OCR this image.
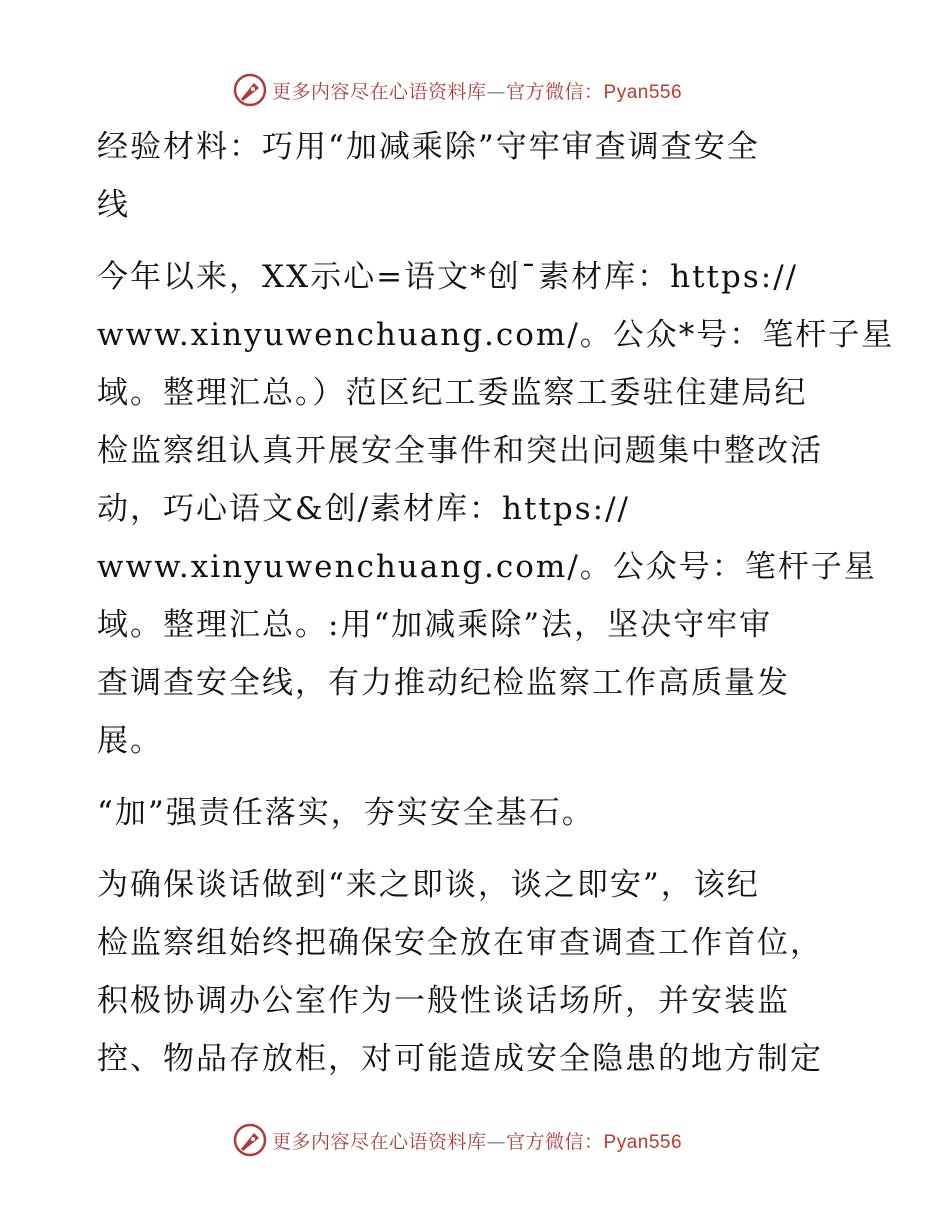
更多内容尽在心语资料库—官方微信：Pyan556
经验材料：巧用“加减乘除”守牢审查调查安全
线
今年以来，XX示心=语文*创¯素材库：https://
www.xinyuwenchuang.com/。公众*号：笔杆子星
域。整理汇总。）范区纪工委监察工委驻住建局纪
检监察组认真开展安全事件和突出问题集中整改活
动，巧心语文&创/素材库：https://
www.xinyuwenchuang.com/。公众号：笔杆子星
域。整理汇总。:用“加减乘除”法，坚决守牢审
查调查安全线，有力推动纪检监察工作高质量发
展。
“加”强责任落实，夯实安全基石。
为确保谈话做到“来之即谈，谈之即安”，该纪
检监察组始终把确保安全放在审查调查工作首位，
积极协调办公室作为一般性谈话场所，并安装监
控、物品存放柜，对可能造成安全隐患的地方制定
更多内容尽在心语资料库—官方微信：Pyan556
